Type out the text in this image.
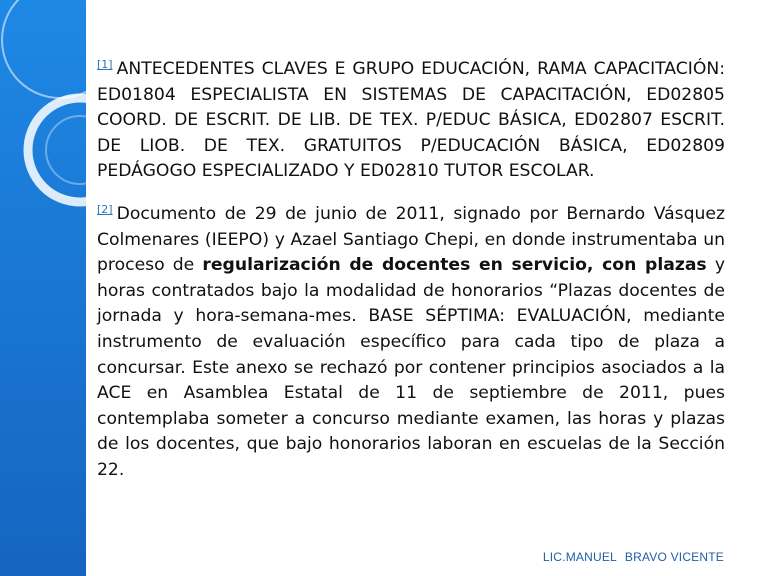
[1] ANTECEDENTES CLAVES E GRUPO EDUCACIÓN, RAMA CAPACITACIÓN: ED01804 ESPECIALISTA EN SISTEMAS DE CAPACITACIÓN, ED02805 COORD. DE ESCRIT. DE LIB. DE TEX. P/EDUC BÁSICA, ED02807 ESCRIT. DE LIOB. DE TEX. GRATUITOS P/EDUCACIÓN BÁSICA, ED02809 PEDÁGOGO ESPECIALIZADO Y ED02810 TUTOR ESCOLAR.

[2] Documento de 29 de junio de 2011, signado por Bernardo Vásquez Colmenares (IEEPO) y Azael Santiago Chepi, en donde instrumentaba un proceso de regularización de docentes en servicio, con plazas y horas contratados bajo la modalidad de honorarios “Plazas docentes de jornada y hora-semana-mes. BASE SÉPTIMA: EVALUACIÓN, mediante instrumento de evaluación específico para cada tipo de plaza a concursar. Este anexo se rechazó por contener principios asociados a la ACE en Asamblea Estatal de 11 de septiembre de 2011, pues contemplaba someter a concurso mediante examen, las horas y plazas de los docentes, que bajo honorarios laboran en escuelas de la Sección 22.

LIC.MANUEL BRAVO VICENTE
